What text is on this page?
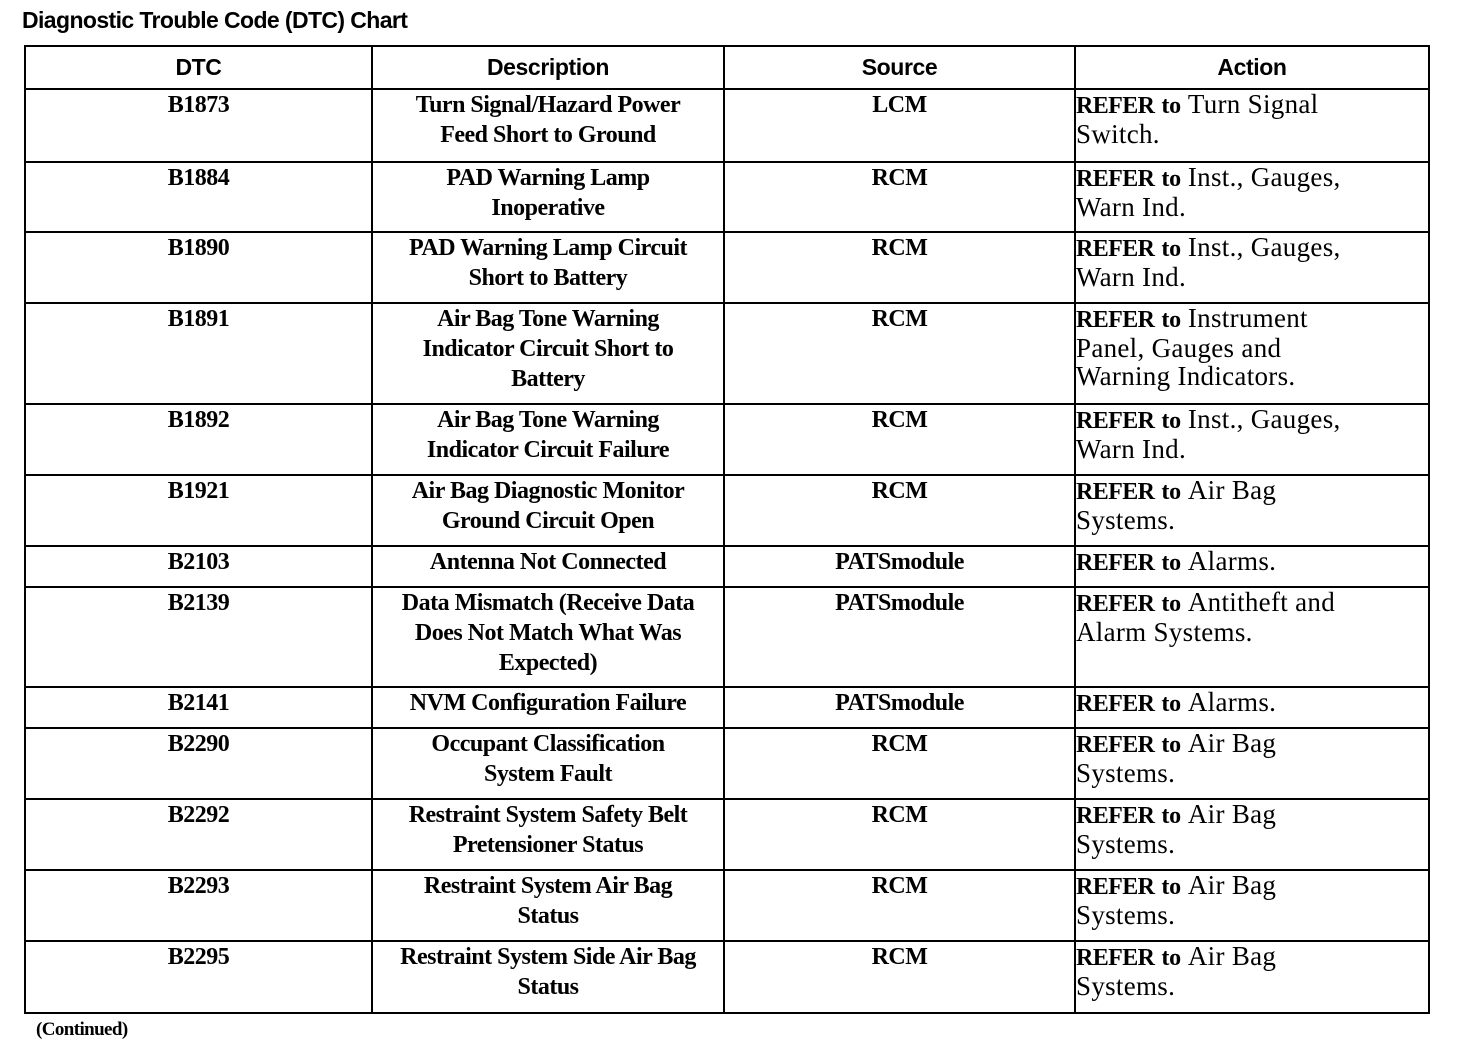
Diagnostic Trouble Code (DTC) Chart
DTC	Description	Source	Action
B1873	Turn Signal/Hazard Power Feed Short to Ground	LCM	REFER to Turn Signal Switch.

B1884	PAD Warning Lamp Inoperative	RCM	REFER to Inst., Gauges, Warn Ind.

B1890	PAD Warning Lamp Circuit Short to Battery	RCM	REFER to Inst., Gauges, Warn Ind.

B1891	Air Bag Tone Warning Indicator Circuit Short to Battery	RCM	REFER to Instrument Panel, Gauges and Warning Indicators.

B1892	Air Bag Tone Warning Indicator Circuit Failure	RCM	REFER to Inst., Gauges, Warn Ind.

B1921	Air Bag Diagnostic Monitor Ground Circuit Open	RCM	REFER to Air Bag Systems.

B2103	Antenna Not Connected	PATSmodule	REFER to Alarms.

B2139	Data Mismatch (Receive Data Does Not Match What Was Expected)	PATSmodule	REFER to Antitheft and Alarm Systems.

B2141	NVM Configuration Failure	PATSmodule	REFER to Alarms.

B2290	Occupant Classification System Fault	RCM	REFER to Air Bag Systems.

B2292	Restraint System Safety Belt Pretensioner Status	RCM	REFER to Air Bag Systems.

B2293	Restraint System Air Bag Status	RCM	REFER to Air Bag Systems.

B2295	Restraint System Side Air Bag Status	RCM	REFER to Air Bag Systems.
(Continued)
